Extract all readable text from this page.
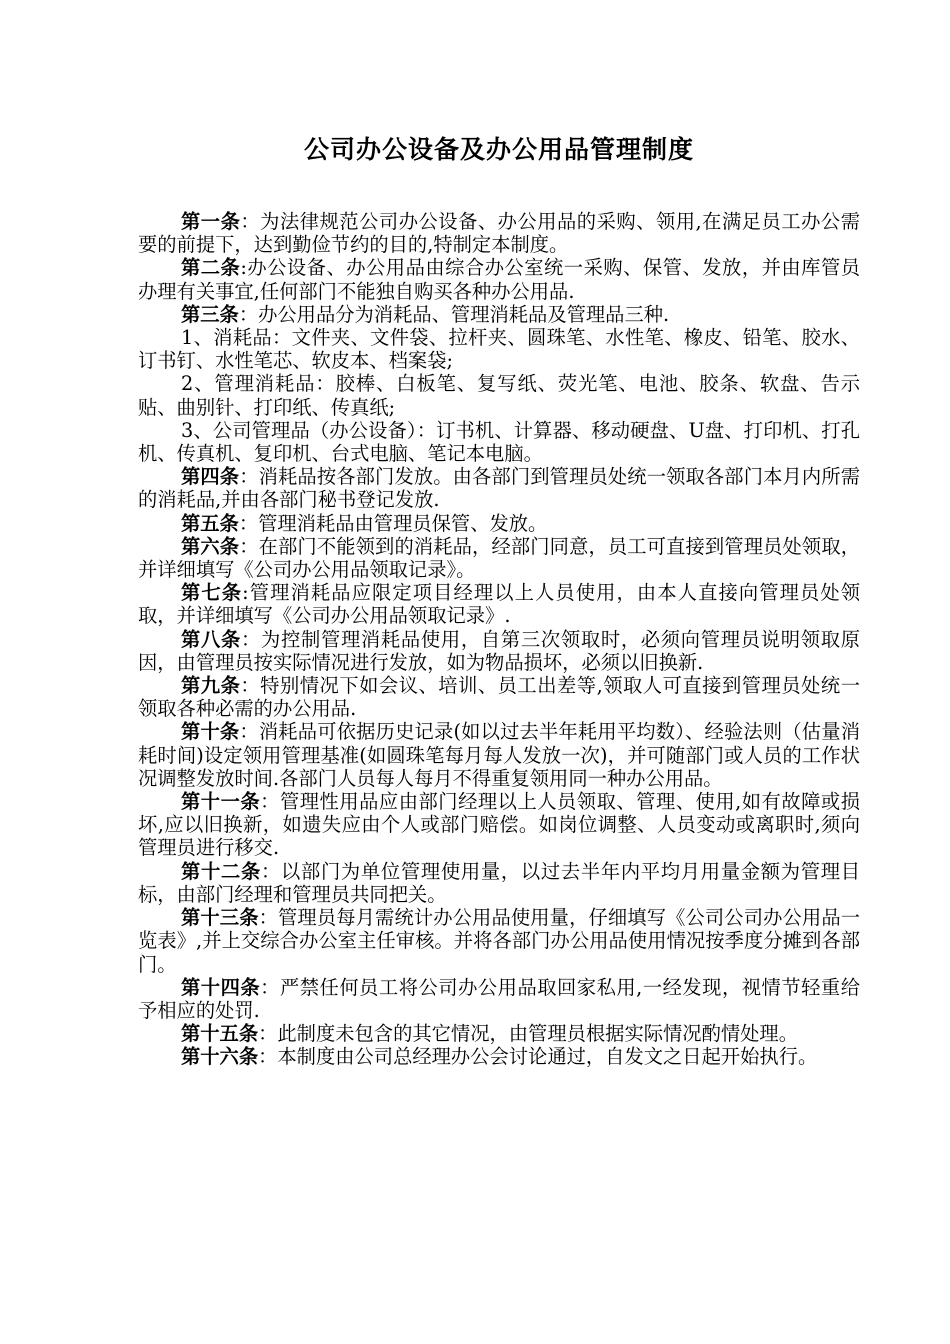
公司办公设备及办公用品管理制度

第一条：为法律规范公司办公设备、办公用品的采购、领用,在满足员工办公需要的前提下，达到勤俭节约的目的,特制定本制度。

第二条:办公设备、办公用品由综合办公室统一采购、保管、发放，并由库管员办理有关事宜,任何部门不能独自购买各种办公用品.

第三条：办公用品分为消耗品、管理消耗品及管理品三种.

1、消耗品：文件夹、文件袋、拉杆夹、圆珠笔、水性笔、橡皮、铅笔、胶水、订书钉、水性笔芯、软皮本、档案袋;

2、管理消耗品：胶棒、白板笔、复写纸、荧光笔、电池、胶条、软盘、告示贴、曲别针、打印纸、传真纸;

3、公司管理品（办公设备）：订书机、计算器、移动硬盘、U盘、打印机、打孔机、传真机、复印机、台式电脑、笔记本电脑。

第四条：消耗品按各部门发放。由各部门到管理员处统一领取各部门本月内所需的消耗品,并由各部门秘书登记发放.

第五条：管理消耗品由管理员保管、发放。

第六条：在部门不能领到的消耗品，经部门同意，员工可直接到管理员处领取，并详细填写《公司办公用品领取记录》。

第七条:管理消耗品应限定项目经理以上人员使用，由本人直接向管理员处领取，并详细填写《公司办公用品领取记录》.

第八条：为控制管理消耗品使用，自第三次领取时，必须向管理员说明领取原因，由管理员按实际情况进行发放，如为物品损坏，必须以旧换新.

第九条：特别情况下如会议、培训、员工出差等,领取人可直接到管理员处统一领取各种必需的办公用品.

第十条：消耗品可依据历史记录(如以过去半年耗用平均数）、经验法则（估量消耗时间)设定领用管理基准(如圆珠笔每月每人发放一次)，并可随部门或人员的工作状况调整发放时间.各部门人员每人每月不得重复领用同一种办公用品。

第十一条：管理性用品应由部门经理以上人员领取、管理、使用,如有故障或损坏,应以旧换新，如遗失应由个人或部门赔偿。如岗位调整、人员变动或离职时,须向管理员进行移交.

第十二条：以部门为单位管理使用量，以过去半年内平均月用量金额为管理目标，由部门经理和管理员共同把关。

第十三条：管理员每月需统计办公用品使用量，仔细填写《公司公司办公用品一览表》,并上交综合办公室主任审核。并将各部门办公用品使用情况按季度分摊到各部门。

第十四条：严禁任何员工将公司办公用品取回家私用,一经发现，视情节轻重给予相应的处罚.

第十五条：此制度未包含的其它情况，由管理员根据实际情况酌情处理。

第十六条：本制度由公司总经理办公会讨论通过，自发文之日起开始执行。
